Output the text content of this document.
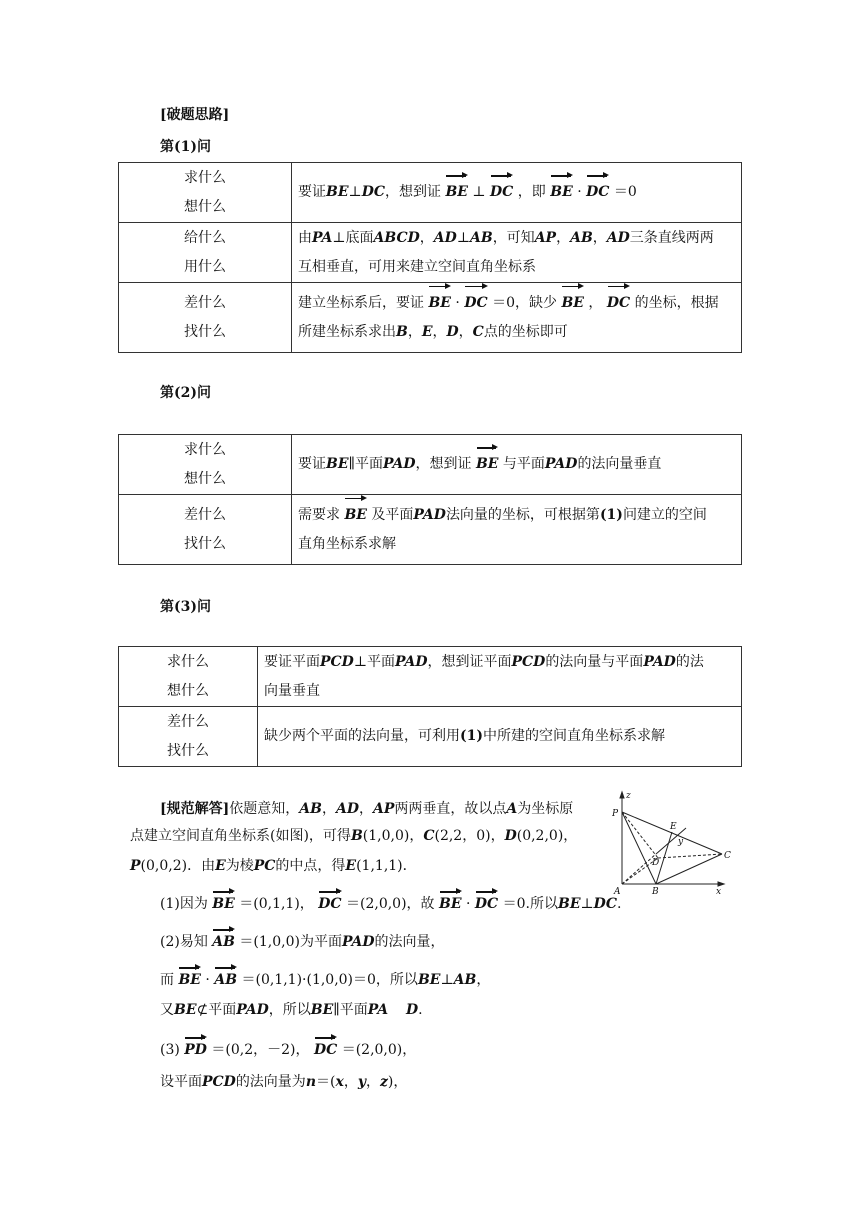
[破题思路]
第(1)问
求什么
想什么	要证BE⊥DC，想到证 BE ⊥ DC ，即 BE · DC ＝0

给什么
用什么	由PA⊥底面ABCD，AD⊥AB，可知AP，AB，AD三条直线两两
互相垂直，可用来建立空间直角坐标系

差什么
找什么	建立坐标系后，要证 BE · DC ＝0，缺少 BE ， DC 的坐标，根据
所建坐标系求出B，E，D，C点的坐标即可
第(2)问
求什么
想什么	要证BE∥平面PAD，想到证 BE 与平面PAD的法向量垂直

差什么
找什么	需要求 BE 及平面PAD法向量的坐标，可根据第(1)问建立的空间
直角坐标系求解
第(3)问
求什么
想什么	要证平面PCD⊥平面PAD，想到证平面PCD的法向量与平面PAD的法
向量垂直

差什么
找什么	缺少两个平面的法向量，可利用(1)中所建的空间直角坐标系求解
[规范解答]依题意知，AB，AD，AP两两垂直，故以点A为坐标原
点建立空间直角坐标系(如图)，可得B(1,0,0)，C(2,2，0)，D(0,2,0)，
P(0,0,2)．由E为棱PC的中点，得E(1,1,1)．
(1)因为 BE ＝(0,1,1)， DC ＝(2,0,0)，故 BE · DC ＝0.所以BE⊥DC.
(2)易知 AB ＝(1,0,0)为平面PAD的法向量，
而 BE · AB ＝(0,1,1)·(1,0,0)＝0，所以BE⊥AB，
又BE⊄平面PAD，所以BE∥平面PA D.
(3) PD ＝(0,2，－2)， DC ＝(2,0,0)，
设平面PCD的法向量为n＝(x，y，z)，
P
E
D
C
A	B	x
y
z
